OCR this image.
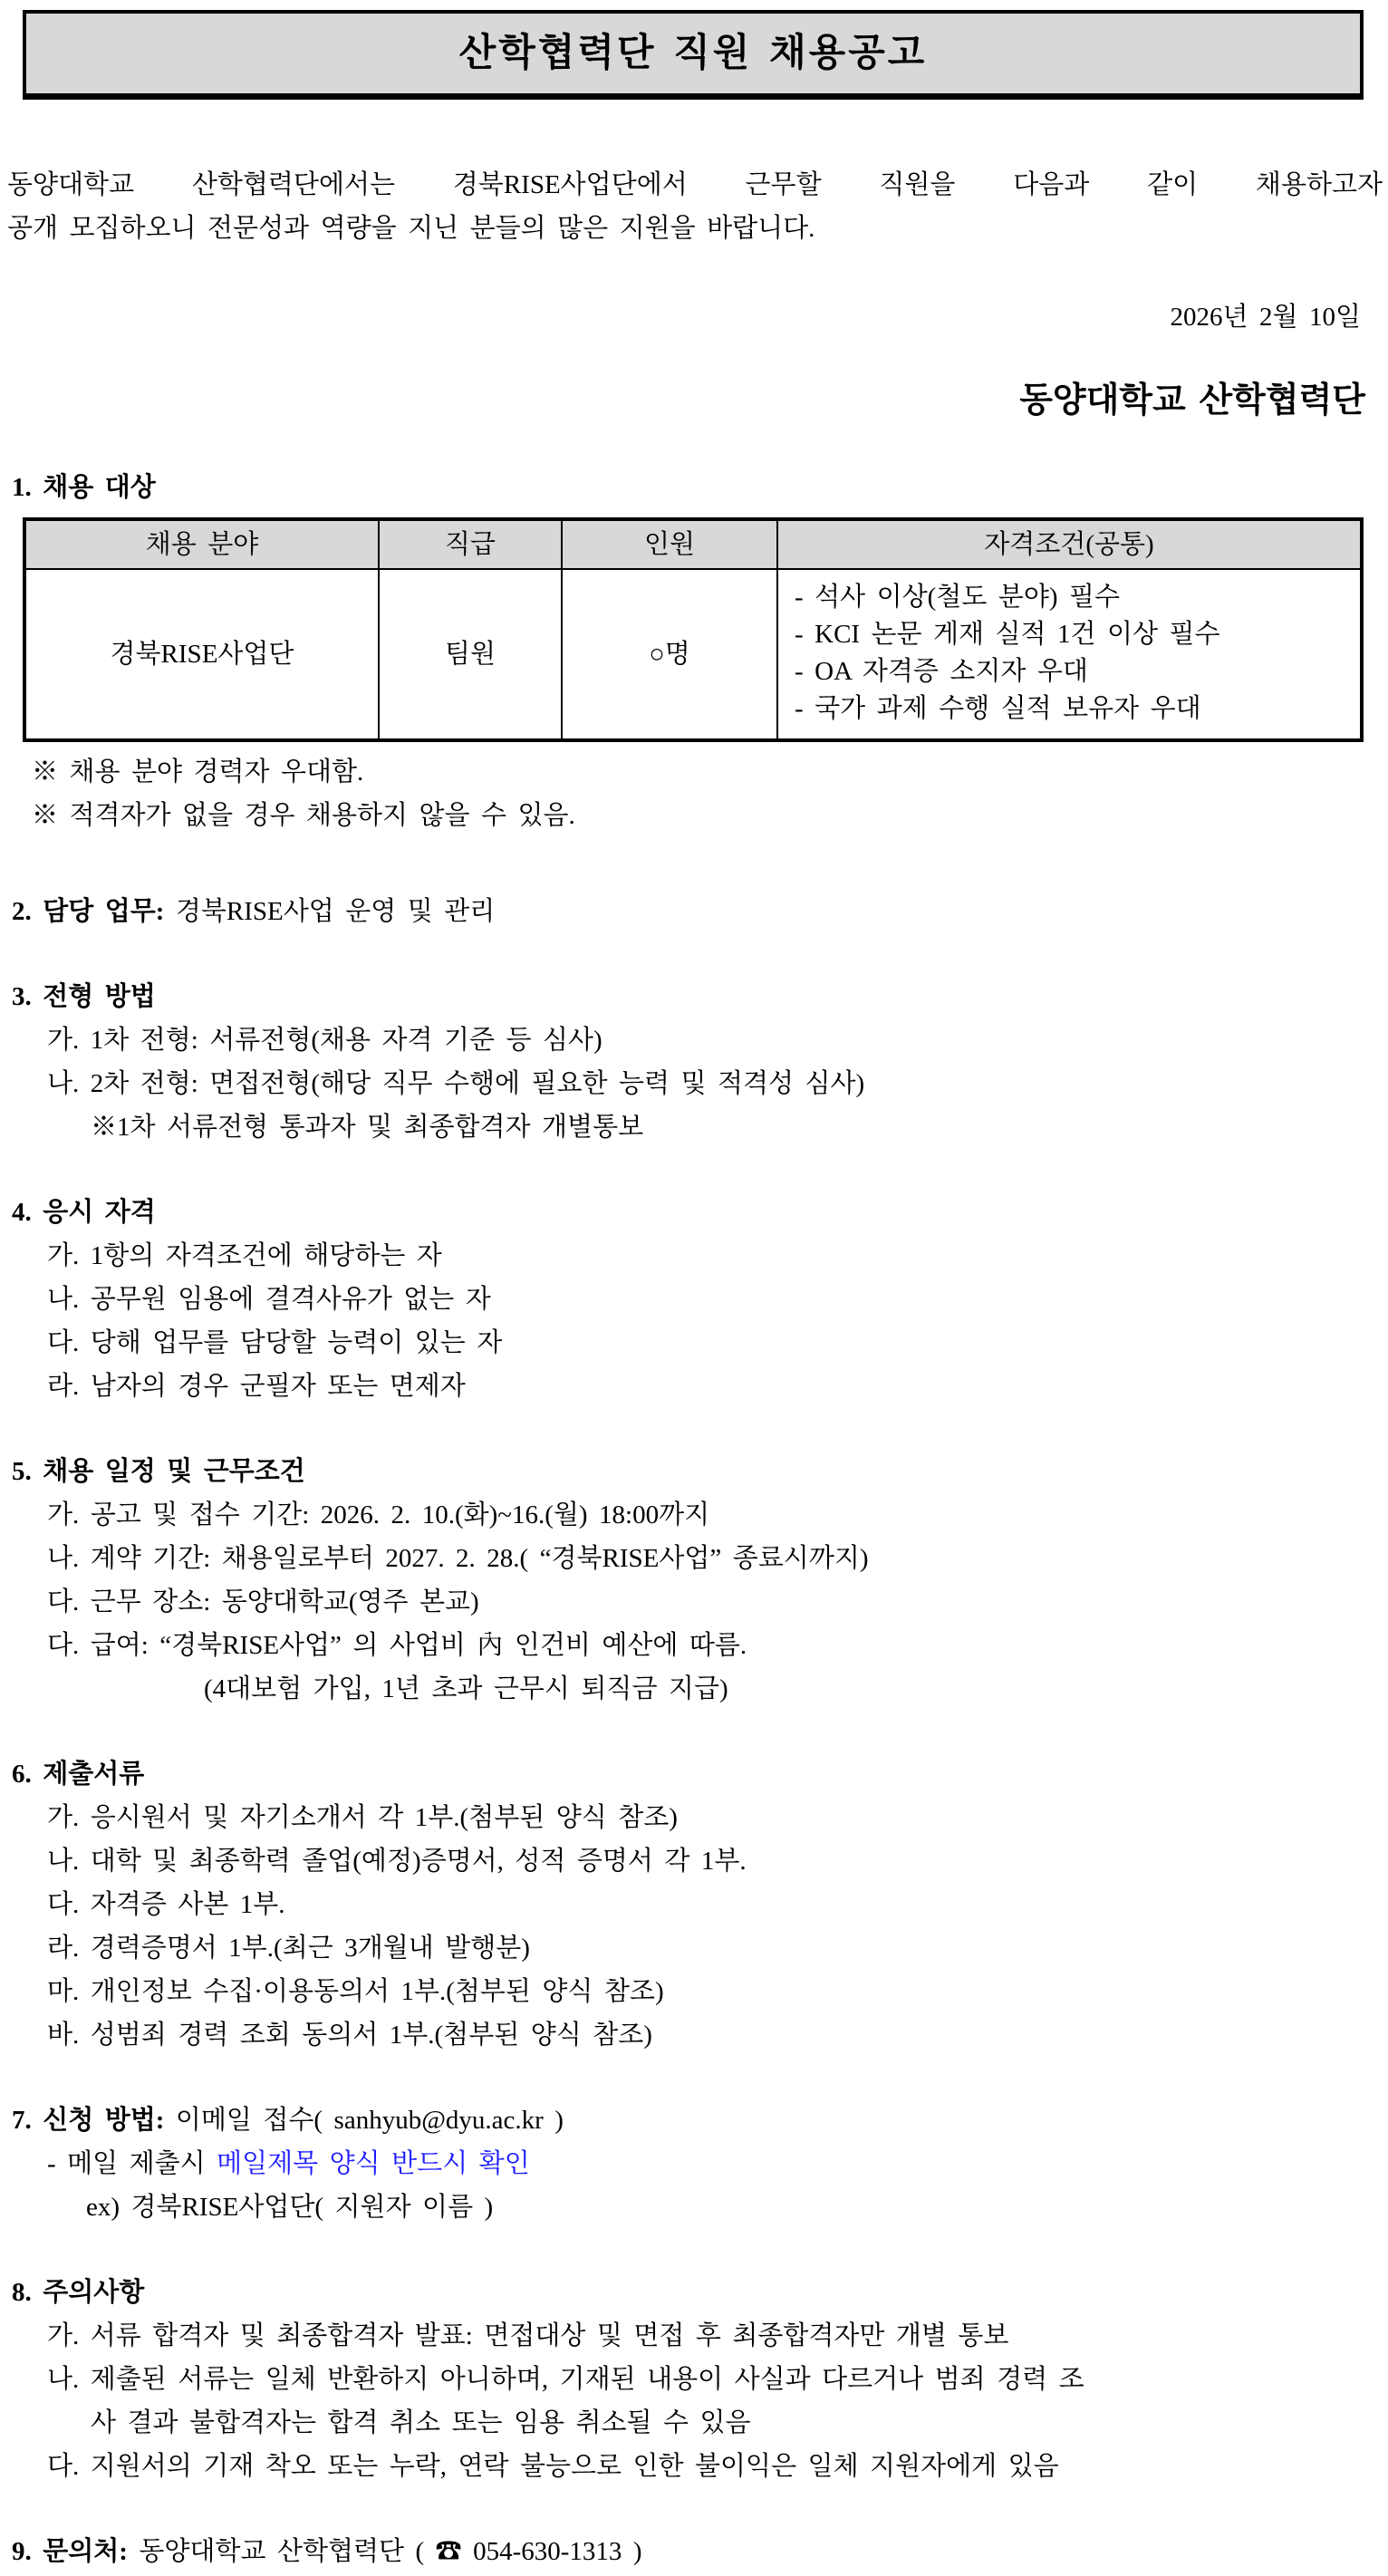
산학협력단 직원 채용공고
동양대학교 산학협력단에서는 경북RISE사업단에서 근무할 직원을 다음과 같이 채용하고자
공개 모집하오니 전문성과 역량을 지닌 분들의 많은 지원을 바랍니다.
2026년 2월 10일
동양대학교 산학협력단
1. 채용 대상
채용 분야	직급	인원	자격조건(공통)
경북RISE사업단	팀원	○명	- 석사 이상(철도 분야) 필수
- KCI 논문 게재 실적 1건 이상 필수
- OA 자격증 소지자 우대
- 국가 과제 수행 실적 보유자 우대
※ 채용 분야 경력자 우대함.
※ 적격자가 없을 경우 채용하지 않을 수 있음.
2. 담당 업무: 경북RISE사업 운영 및 관리
3. 전형 방법
가. 1차 전형: 서류전형(채용 자격 기준 등 심사)
나. 2차 전형: 면접전형(해당 직무 수행에 필요한 능력 및 적격성 심사)
※1차 서류전형 통과자 및 최종합격자 개별통보
4. 응시 자격
가. 1항의 자격조건에 해당하는 자
나. 공무원 임용에 결격사유가 없는 자
다. 당해 업무를 담당할 능력이 있는 자
라. 남자의 경우 군필자 또는 면제자
5. 채용 일정 및 근무조건
가. 공고 및 접수 기간: 2026. 2. 10.(화)~16.(월) 18:00까지
나. 계약 기간: 채용일로부터 2027. 2. 28.( “경북RISE사업” 종료시까지)
다. 근무 장소: 동양대학교(영주 본교)
다. 급여: “경북RISE사업” 의 사업비 內 인건비 예산에 따름.
(4대보험 가입, 1년 초과 근무시 퇴직금 지급)
6. 제출서류
가. 응시원서 및 자기소개서 각 1부.(첨부된 양식 참조)
나. 대학 및 최종학력 졸업(예정)증명서, 성적 증명서 각 1부.
다. 자격증 사본 1부.
라. 경력증명서 1부.(최근 3개월내 발행분)
마. 개인정보 수집·이용동의서 1부.(첨부된 양식 참조)
바. 성범죄 경력 조회 동의서 1부.(첨부된 양식 참조)
7. 신청 방법: 이메일 접수( sanhyub@dyu.ac.kr )
- 메일 제출시 메일제목 양식 반드시 확인
ex) 경북RISE사업단( 지원자 이름 )
8. 주의사항
가. 서류 합격자 및 최종합격자 발표: 면접대상 및 면접 후 최종합격자만 개별 통보
나. 제출된 서류는 일체 반환하지 아니하며, 기재된 내용이 사실과 다르거나 범죄 경력 조
사 결과 불합격자는 합격 취소 또는 임용 취소될 수 있음
다. 지원서의 기재 착오 또는 누락, 연락 불능으로 인한 불이익은 일체 지원자에게 있음
9. 문의처: 동양대학교 산학협력단 ( ☎ 054-630-1313 )
